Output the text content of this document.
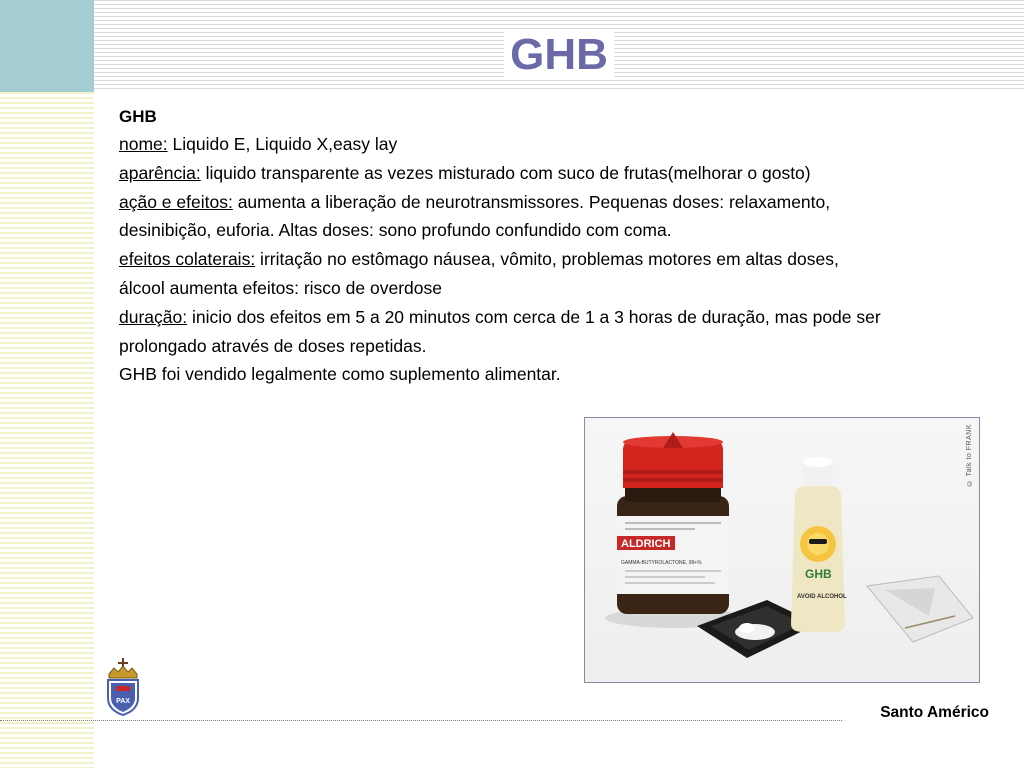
GHB
GHB
nome: Liquido E, Liquido X,easy lay
aparência: liquido transparente as vezes misturado com suco de frutas(melhorar o gosto)
ação e efeitos: aumenta a liberação de neurotransmissores. Pequenas doses: relaxamento, desinibição, euforia. Altas doses: sono profundo confundido com coma.
efeitos colaterais: irritação no estômago náusea, vômito, problemas motores em altas doses, álcool aumenta efeitos: risco de overdose
duração: inicio dos efeitos em 5 a 20 minutos com cerca de 1 a 3 horas de duração, mas pode ser prolongado através de doses repetidas.
GHB foi vendido legalmente como suplemento alimentar.
ALDRICH
GAMMA-BUTYROLACTONE, 99+%
GHB
AVOID ALCOHOL
© Talk to FRANK
PAX
Santo Américo
